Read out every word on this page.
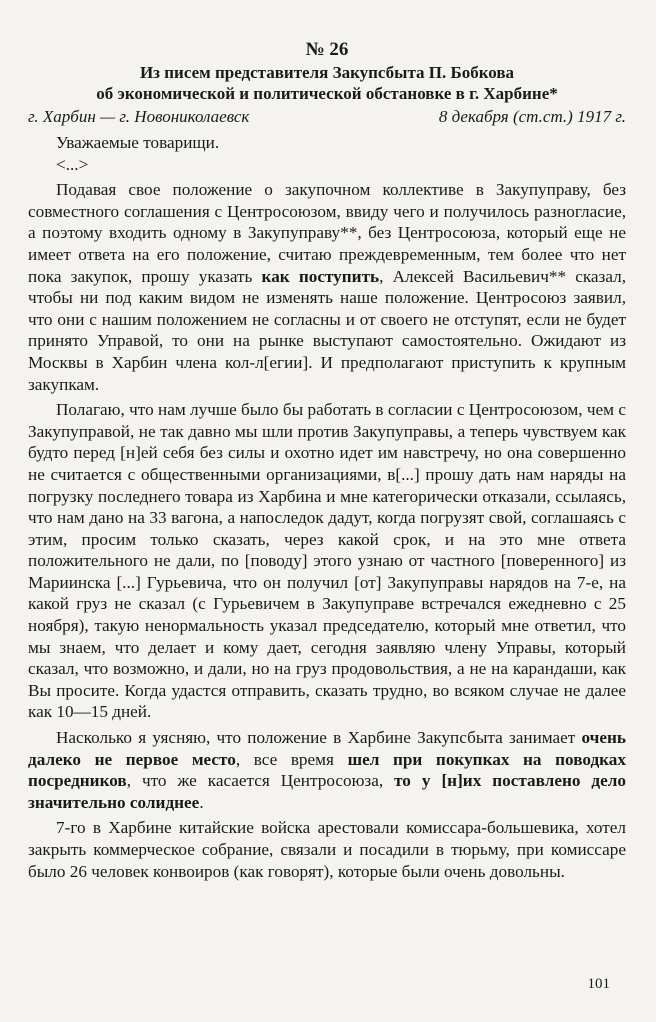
№ 26

Из писем представителя Закупсбыта П. Бобкова

об экономической и политической обстановке в г. Харбине*

г. Харбин — г. Новониколаевск	8 декабря (ст.ст.) 1917 г.

Уважаемые товарищи.

<...>

Подавая свое положение о закупочном коллективе в Закупуправу, без совместного соглашения с Центросоюзом, ввиду чего и получилось разногласие, а поэтому входить одному в Закупуправу**, без Центросоюза, который еще не имеет ответа на его положение, считаю преждевременным, тем более что нет пока закупок, прошу указать как поступить, Алексей Васильевич** сказал, чтобы ни под каким видом не изменять наше положение. Центросоюз заявил, что они с нашим положением не согласны и от своего не отступят, если не будет принято Управой, то они на рынке выступают самостоятельно. Ожидают из Москвы в Харбин члена кол-л[егии]. И предполагают приступить к крупным закупкам.

Полагаю, что нам лучше было бы работать в согласии с Центросоюзом, чем с Закупуправой, не так давно мы шли против Закупуправы, а теперь чувствуем как будто перед [н]ей себя без силы и охотно идет им навстречу, но она совершенно не считается с общественными организациями, в[...] прошу дать нам наряды на погрузку последнего товара из Харбина и мне категорически отказали, ссылаясь, что нам дано на 33 вагона, а напоследок дадут, когда погрузят свой, соглашаясь с этим, просим только сказать, через какой срок, и на это мне ответа положительного не дали, по [поводу] этого узнаю от частного [поверенного] из Мариинска [...] Гурьевича, что он получил [от] Закупуправы нарядов на 7-е, на какой груз не сказал (с Гурьевичем в Закупуправе встречался ежедневно с 25 ноября), такую ненормальность указал председателю, который мне ответил, что мы знаем, что делает и кому дает, сегодня заявляю члену Управы, который сказал, что возможно, и дали, но на груз продовольствия, а не на карандаши, как Вы просите. Когда удастся отправить, сказать трудно, во всяком случае не далее как 10—15 дней.

Насколько я уясняю, что положение в Харбине Закупсбыта занимает очень далеко не первое место, все время шел при покупках на поводках посредников, что же касается Центросоюза, то у [н]их поставлено дело значительно солиднее.

7-го в Харбине китайские войска арестовали комиссара-большевика, хотел закрыть коммерческое собрание, связали и посадили в тюрьму, при комиссаре было 26 человек конвоиров (как говорят), которые были очень довольны.

101
